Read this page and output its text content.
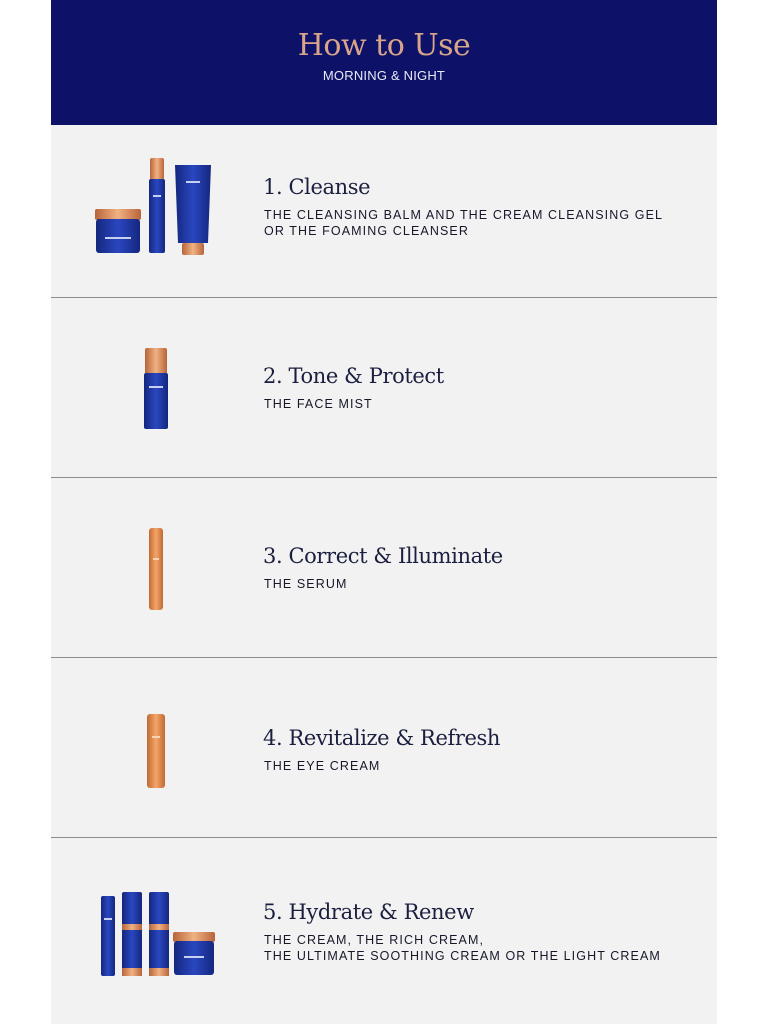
How to Use
MORNING & NIGHT
1. Cleanse
THE CLEANSING BALM AND THE CREAM CLEANSING GEL
OR THE FOAMING CLEANSER
2. Tone & Protect
THE FACE MIST
3. Correct & Illuminate
THE SERUM
4. Revitalize & Refresh
THE EYE CREAM
5. Hydrate & Renew
THE CREAM, THE RICH CREAM,
THE ULTIMATE SOOTHING CREAM OR THE LIGHT CREAM
